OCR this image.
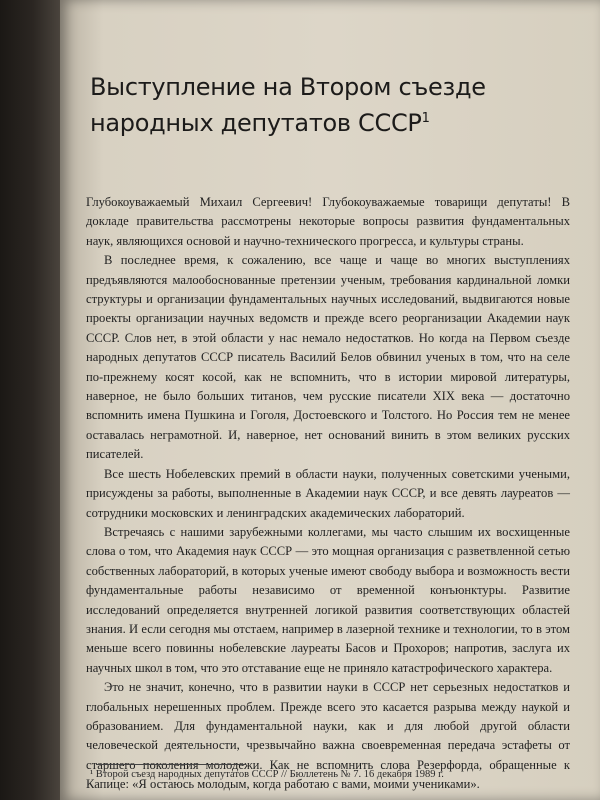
Выступление на Втором съезде народных депутатов СССР$^1$

Глубокоуважаемый Михаил Сергеевич! Глубокоуважаемые товарищи депутаты! В докладе правительства рассмотрены некоторые вопросы развития фундаментальных наук, являющихся основой и научно-технического прогресса, и культуры страны.

В последнее время, к сожалению, все чаще и чаще во многих выступлениях предъявляются малообоснованные претензии ученым, требования кардинальной ломки структуры и организации фундаментальных научных исследований, выдвигаются новые проекты организации научных ведомств и прежде всего реорганизации Академии наук СССР. Слов нет, в этой области у нас немало недостатков. Но когда на Первом съезде народных депутатов СССР писатель Василий Белов обвинил ученых в том, что на селе по-прежнему косят косой, как не вспомнить, что в истории мировой литературы, наверное, не было больших титанов, чем русские писатели XIX века — достаточно вспомнить имена Пушкина и Гоголя, Достоевского и Толстого. Но Россия тем не менее оставалась неграмотной. И, наверное, нет оснований винить в этом великих русских писателей.

Все шесть Нобелевских премий в области науки, полученных советскими учеными, присуждены за работы, выполненные в Академии наук СССР, и все девять лауреатов — сотрудники московских и ленинградских академических лабораторий.

Встречаясь с нашими зарубежными коллегами, мы часто слышим их восхищенные слова о том, что Академия наук СССР — это мощная организация с разветвленной сетью собственных лабораторий, в которых ученые имеют свободу выбора и возможность вести фундаментальные работы независимо от временной конъюнктуры. Развитие исследований определяется внутренней логикой развития соответствующих областей знания. И если сегодня мы отстаем, например в лазерной технике и технологии, то в этом меньше всего повинны нобелевские лауреаты Басов и Прохоров; напротив, заслуга их научных школ в том, что это отставание еще не приняло катастрофического характера.

Это не значит, конечно, что в развитии науки в СССР нет серьезных недостатков и глобальных нерешенных проблем. Прежде всего это касается разрыва между наукой и образованием. Для фундаментальной науки, как и для любой другой области человеческой деятельности, чрезвычайно важна своевременная передача эстафеты от старшего поколения молодежи. Как не вспомнить слова Резерфорда, обращенные к Капице: «Я остаюсь молодым, когда работаю с вами, моими учениками».

¹ Второй съезд народных депутатов СССР // Бюллетень № 7. 16 декабря 1989 г.
